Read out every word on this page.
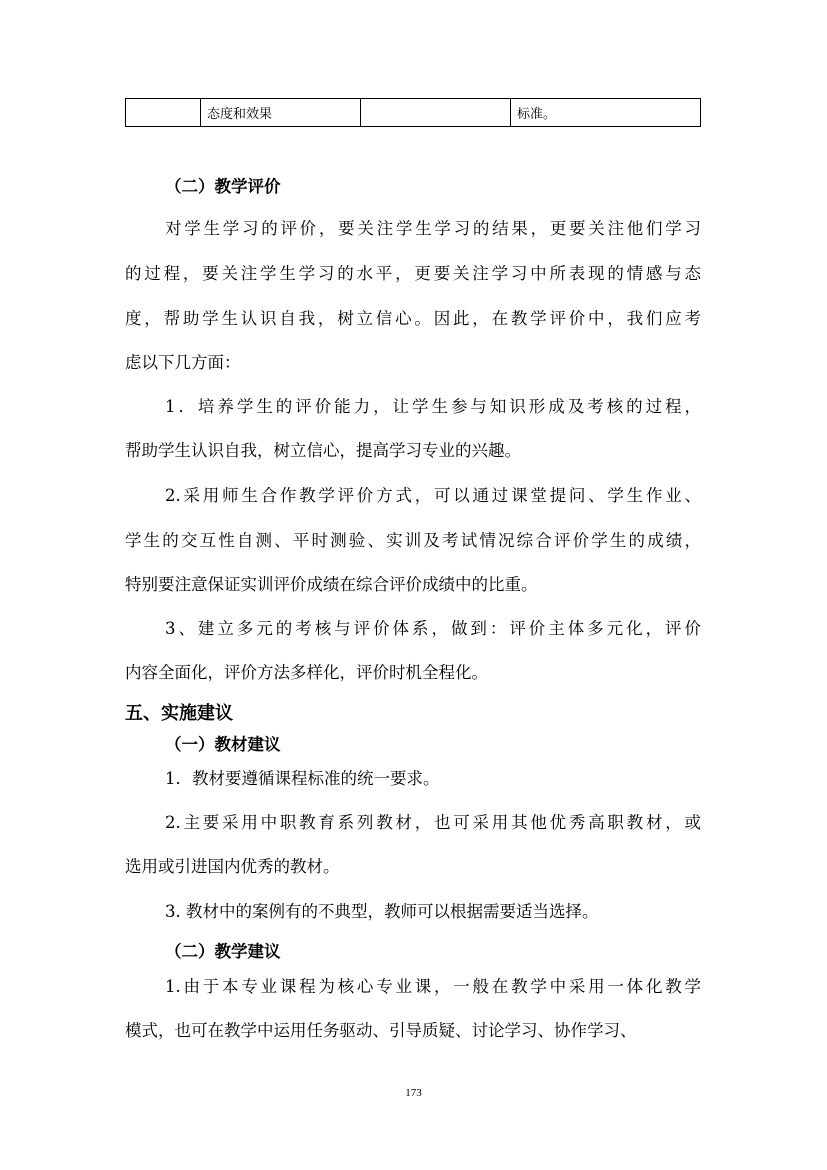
	态度和效果		标准。
（二）教学评价
对学生学习的评价，要关注学生学习的结果，更要关注他们学习
的过程，要关注学生学习的水平，更要关注学习中所表现的情感与态
度，帮助学生认识自我，树立信心。因此，在教学评价中，我们应考
虑以下几方面：
1．培养学生的评价能力，让学生参与知识形成及考核的过程，
帮助学生认识自我，树立信心，提高学习专业的兴趣。
2.采用师生合作教学评价方式，可以通过课堂提问、学生作业、
学生的交互性自测、平时测验、实训及考试情况综合评价学生的成绩，
特别要注意保证实训评价成绩在综合评价成绩中的比重。
3、建立多元的考核与评价体系，做到：评价主体多元化，评价
内容全面化，评价方法多样化，评价时机全程化。
五、实施建议
（一）教材建议
1．教材要遵循课程标准的统一要求。
2.主要采用中职教育系列教材，也可采用其他优秀高职教材，或
选用或引进国内优秀的教材。
3. 教材中的案例有的不典型，教师可以根据需要适当选择。
（二）教学建议
1.由于本专业课程为核心专业课，一般在教学中采用一体化教学
模式，也可在教学中运用任务驱动、引导质疑、讨论学习、协作学习、
173
